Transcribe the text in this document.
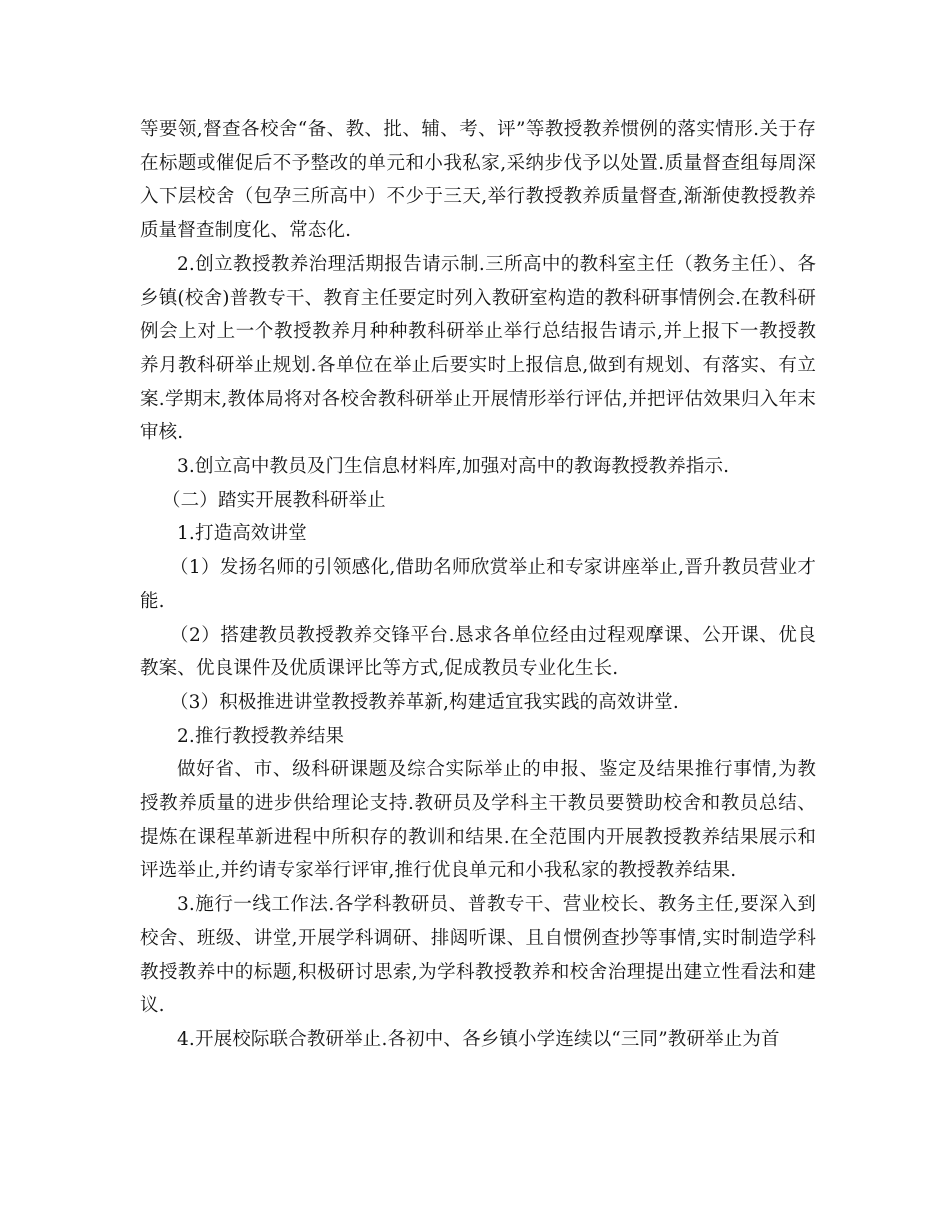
等要领,督查各校舍“备、教、批、辅、考、评”等教授教养惯例的落实情形.关于存在标题或催促后不予整改的单元和小我私家,采纳步伐予以处置.质量督查组每周深入下层校舍（包孕三所高中）不少于三天,举行教授教养质量督查,渐渐使教授教养质量督查制度化、常态化.

2.创立教授教养治理活期报告请示制.三所高中的教科室主任（教务主任）、各乡镇(校舍)普教专干、教育主任要定时列入教研室构造的教科研事情例会.在教科研例会上对上一个教授教养月种种教科研举止举行总结报告请示,并上报下一教授教养月教科研举止规划.各单位在举止后要实时上报信息,做到有规划、有落实、有立案.学期末,教体局将对各校舍教科研举止开展情形举行评估,并把评估效果归入年末审核.

3.创立高中教员及门生信息材料库,加强对高中的教诲教授教养指示.

（二）踏实开展教科研举止

1.打造高效讲堂

（1）发扬名师的引领感化,借助名师欣赏举止和专家讲座举止,晋升教员营业才能.

（2）搭建教员教授教养交锋平台.恳求各单位经由过程观摩课、公开课、优良教案、优良课件及优质课评比等方式,促成教员专业化生长.

（3）积极推进讲堂教授教养革新,构建适宜我实践的高效讲堂.

2.推行教授教养结果

做好省、市、级科研课题及综合实际举止的申报、鉴定及结果推行事情,为教授教养质量的进步供给理论支持.教研员及学科主干教员要赞助校舍和教员总结、提炼在课程革新进程中所积存的教训和结果.在全范围内开展教授教养结果展示和评选举止,并约请专家举行评审,推行优良单元和小我私家的教授教养结果.

3.施行一线工作法.各学科教研员、普教专干、营业校长、教务主任,要深入到校舍、班级、讲堂,开展学科调研、排闼听课、且自惯例查抄等事情,实时制造学科教授教养中的标题,积极研讨思索,为学科教授教养和校舍治理提出建立性看法和建议.

4.开展校际联合教研举止.各初中、各乡镇小学连续以“三同”教研举止为首
